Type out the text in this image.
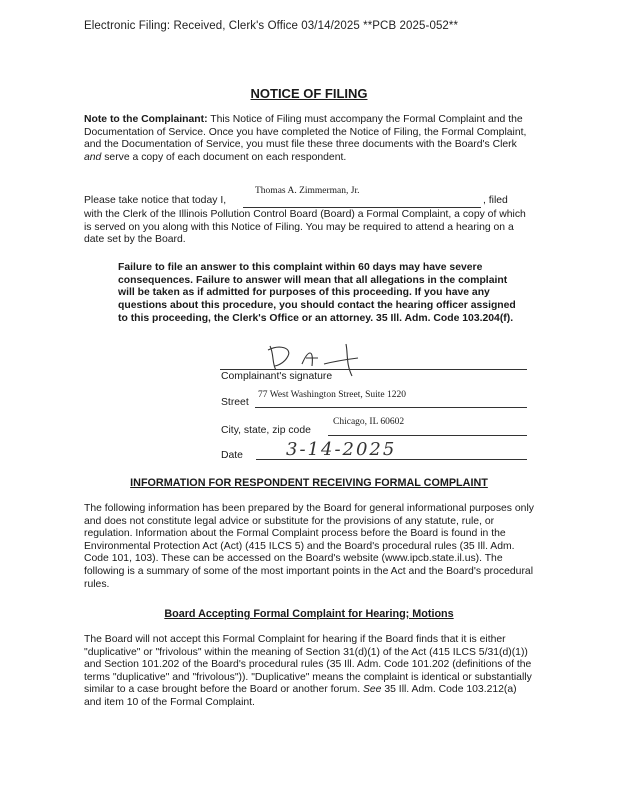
Electronic Filing: Received, Clerk's Office 03/14/2025 **PCB 2025-052**
NOTICE OF FILING
Note to the Complainant: This Notice of Filing must accompany the Formal Complaint and the Documentation of Service. Once you have completed the Notice of Filing, the Formal Complaint, and the Documentation of Service, you must file these three documents with the Board's Clerk and serve a copy of each document on each respondent.
Please take notice that today I,
Thomas A. Zimmerman, Jr.
, filed
with the Clerk of the Illinois Pollution Control Board (Board) a Formal Complaint, a copy of which is served on you along with this Notice of Filing. You may be required to attend a hearing on a date set by the Board.
Failure to file an answer to this complaint within 60 days may have severe consequences. Failure to answer will mean that all allegations in the complaint will be taken as if admitted for purposes of this proceeding. If you have any questions about this procedure, you should contact the hearing officer assigned to this proceeding, the Clerk's Office or an attorney. 35 Ill. Adm. Code 103.204(f).
Complainant's signature
Street
77 West Washington Street, Suite 1220
City, state, zip code
Chicago, IL 60602
Date 3-14-2025
INFORMATION FOR RESPONDENT RECEIVING FORMAL COMPLAINT
The following information has been prepared by the Board for general informational purposes only and does not constitute legal advice or substitute for the provisions of any statute, rule, or regulation. Information about the Formal Complaint process before the Board is found in the Environmental Protection Act (Act) (415 ILCS 5) and the Board's procedural rules (35 Ill. Adm. Code 101, 103). These can be accessed on the Board's website (www.ipcb.state.il.us). The following is a summary of some of the most important points in the Act and the Board's procedural rules.
Board Accepting Formal Complaint for Hearing; Motions
The Board will not accept this Formal Complaint for hearing if the Board finds that it is either "duplicative" or "frivolous" within the meaning of Section 31(d)(1) of the Act (415 ILCS 5/31(d)(1)) and Section 101.202 of the Board's procedural rules (35 Ill. Adm. Code 101.202 (definitions of the terms "duplicative" and "frivolous")). "Duplicative" means the complaint is identical or substantially similar to a case brought before the Board or another forum. See 35 Ill. Adm. Code 103.212(a) and item 10 of the Formal Complaint.
